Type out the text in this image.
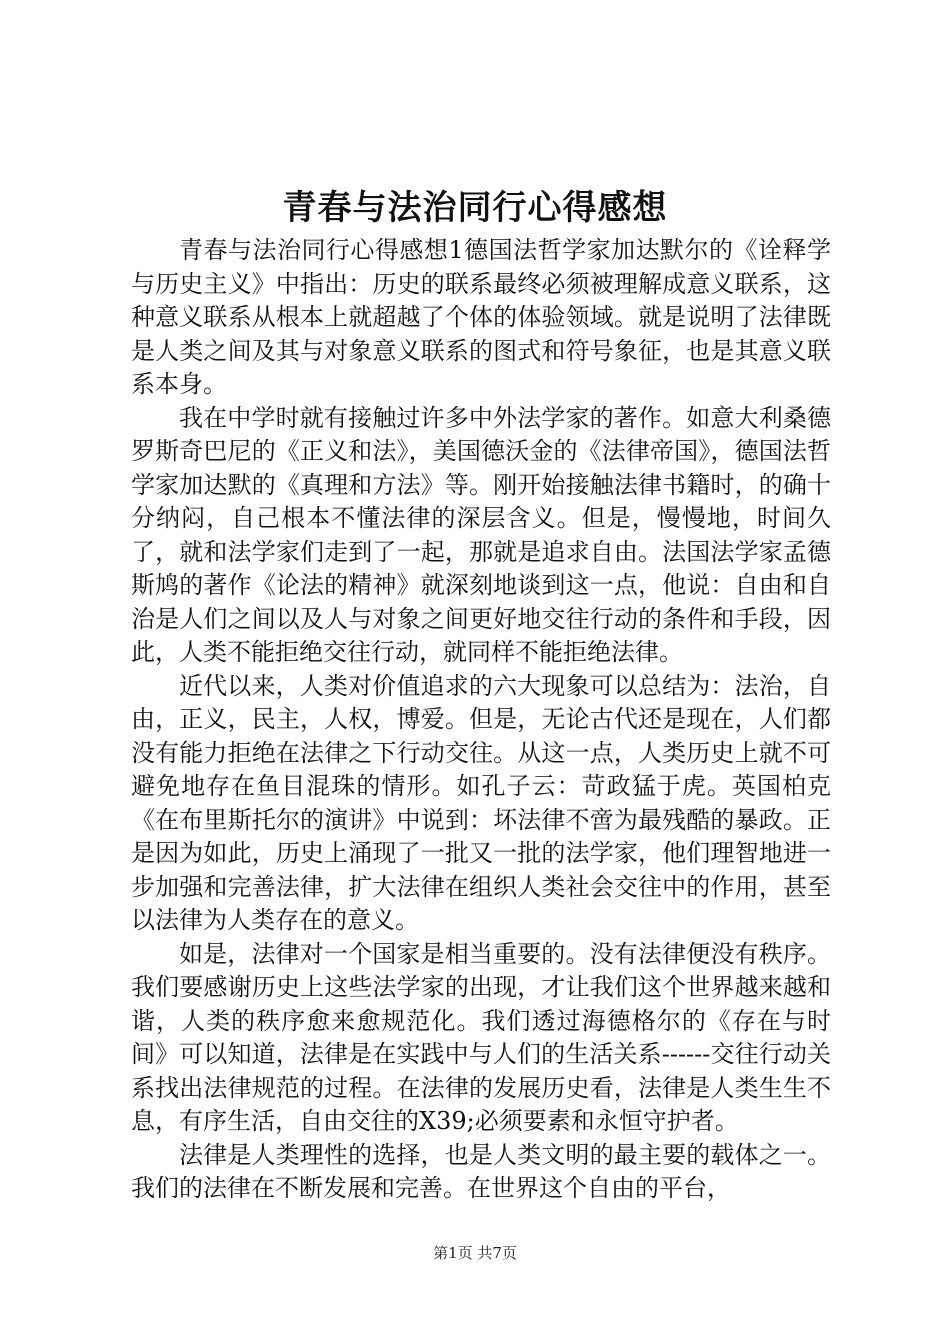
青春与法治同行心得感想

青春与法治同行心得感想1德国法哲学家加达默尔的《诠释学与历史主义》中指出：历史的联系最终必须被理解成意义联系，这种意义联系从根本上就超越了个体的体验领域。就是说明了法律既是人类之间及其与对象意义联系的图式和符号象征，也是其意义联系本身。

我在中学时就有接触过许多中外法学家的著作。如意大利桑德罗斯奇巴尼的《正义和法》，美国德沃金的《法律帝国》，德国法哲学家加达默的《真理和方法》等。刚开始接触法律书籍时，的确十分纳闷，自己根本不懂法律的深层含义。但是，慢慢地，时间久了，就和法学家们走到了一起，那就是追求自由。法国法学家孟德斯鸠的著作《论法的精神》就深刻地谈到这一点，他说：自由和自治是人们之间以及人与对象之间更好地交往行动的条件和手段，因此，人类不能拒绝交往行动，就同样不能拒绝法律。

近代以来，人类对价值追求的六大现象可以总结为：法治，自由，正义，民主，人权，博爱。但是，无论古代还是现在，人们都没有能力拒绝在法律之下行动交往。从这一点，人类历史上就不可避免地存在鱼目混珠的情形。如孔子云：苛政猛于虎。英国柏克《在布里斯托尔的演讲》中说到：坏法律不啻为最残酷的暴政。正是因为如此，历史上涌现了一批又一批的法学家，他们理智地进一步加强和完善法律，扩大法律在组织人类社会交往中的作用，甚至以法律为人类存在的意义。

如是，法律对一个国家是相当重要的。没有法律便没有秩序。我们要感谢历史上这些法学家的出现，才让我们这个世界越来越和谐，人类的秩序愈来愈规范化。我们透过海德格尔的《存在与时间》可以知道，法律是在实践中与人们的生活关系------交往行动关系找出法律规范的过程。在法律的发展历史看，法律是人类生生不息，有序生活，自由交往的X39;必须要素和永恒守护者。

法律是人类理性的选择，也是人类文明的最主要的载体之一。我们的法律在不断发展和完善。在世界这个自由的平台，

第1页 共7页
